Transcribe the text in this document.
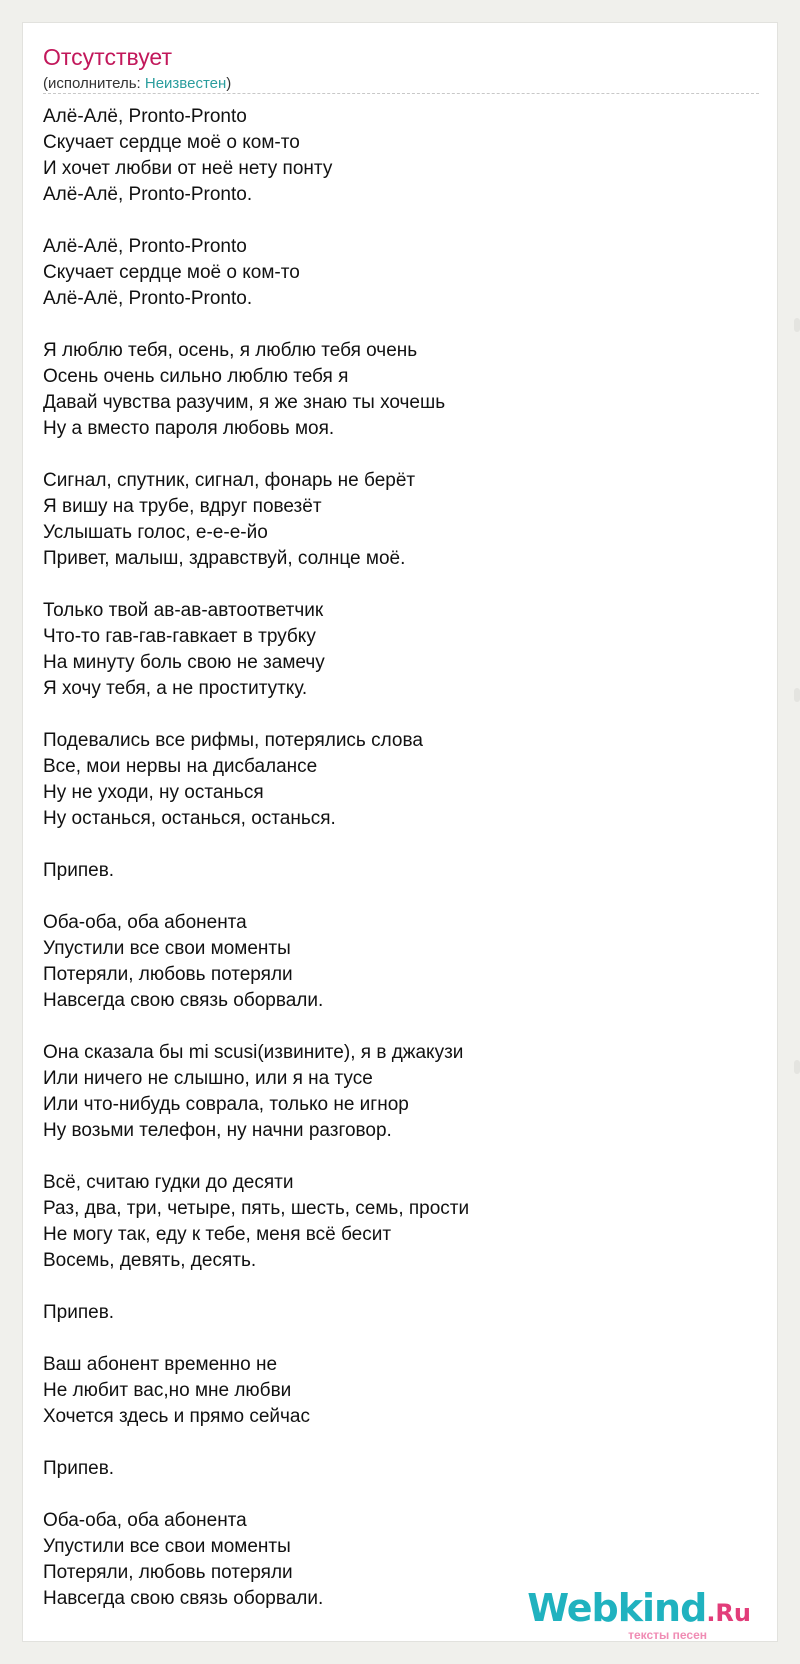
Отсутствует
(исполнитель: Неизвестен)
Алё-Алё, Pronto-Pronto
Скучает сердце моё о ком-то
И хочет любви от неё нету понту
Алё-Алё, Pronto-Pronto.
Алё-Алё, Pronto-Pronto
Скучает сердце моё о ком-то
Алё-Алё, Pronto-Pronto.
Я люблю тебя, осень, я люблю тебя очень
Осень очень сильно люблю тебя я
Давай чувства разучим, я же знаю ты хочешь
Ну а вместо пароля любовь моя.
Сигнал, спутник, сигнал, фонарь не берёт
Я вишу на трубе, вдруг повезёт
Услышать голос, е-е-е-йо
Привет, малыш, здравствуй, солнце моё.
Только твой ав-ав-автоответчик
Что-то гав-гав-гавкает в трубку
На минуту боль свою не замечу
Я хочу тебя, а не проститутку.
Подевались все рифмы, потерялись слова
Все, мои нервы на дисбалансе
Ну не уходи, ну останься
Ну останься, останься, останься.
Припев.
Оба-оба, оба абонента
Упустили все свои моменты
Потеряли, любовь потеряли
Навсегда свою связь оборвали.
Она сказала бы mi scusi(извините), я в джакузи
Или ничего не слышно, или я на тусе
Или что-нибудь соврала, только не игнор
Ну возьми телефон, ну начни разговор.
Всё, считаю гудки до десяти
Раз, два, три, четыре, пять, шесть, семь, прости
Не могу так, еду к тебе, меня всё бесит
Восемь, девять, десять.
Припев.
Ваш абонент временно не
Не любит вас,но мне любви
Хочется здесь и прямо сейчас
Припев.
Оба-оба, оба абонента
Упустили все свои моменты
Потеряли, любовь потеряли
Навсегда свою связь оборвали.	Webkind.Ru
тексты песен
